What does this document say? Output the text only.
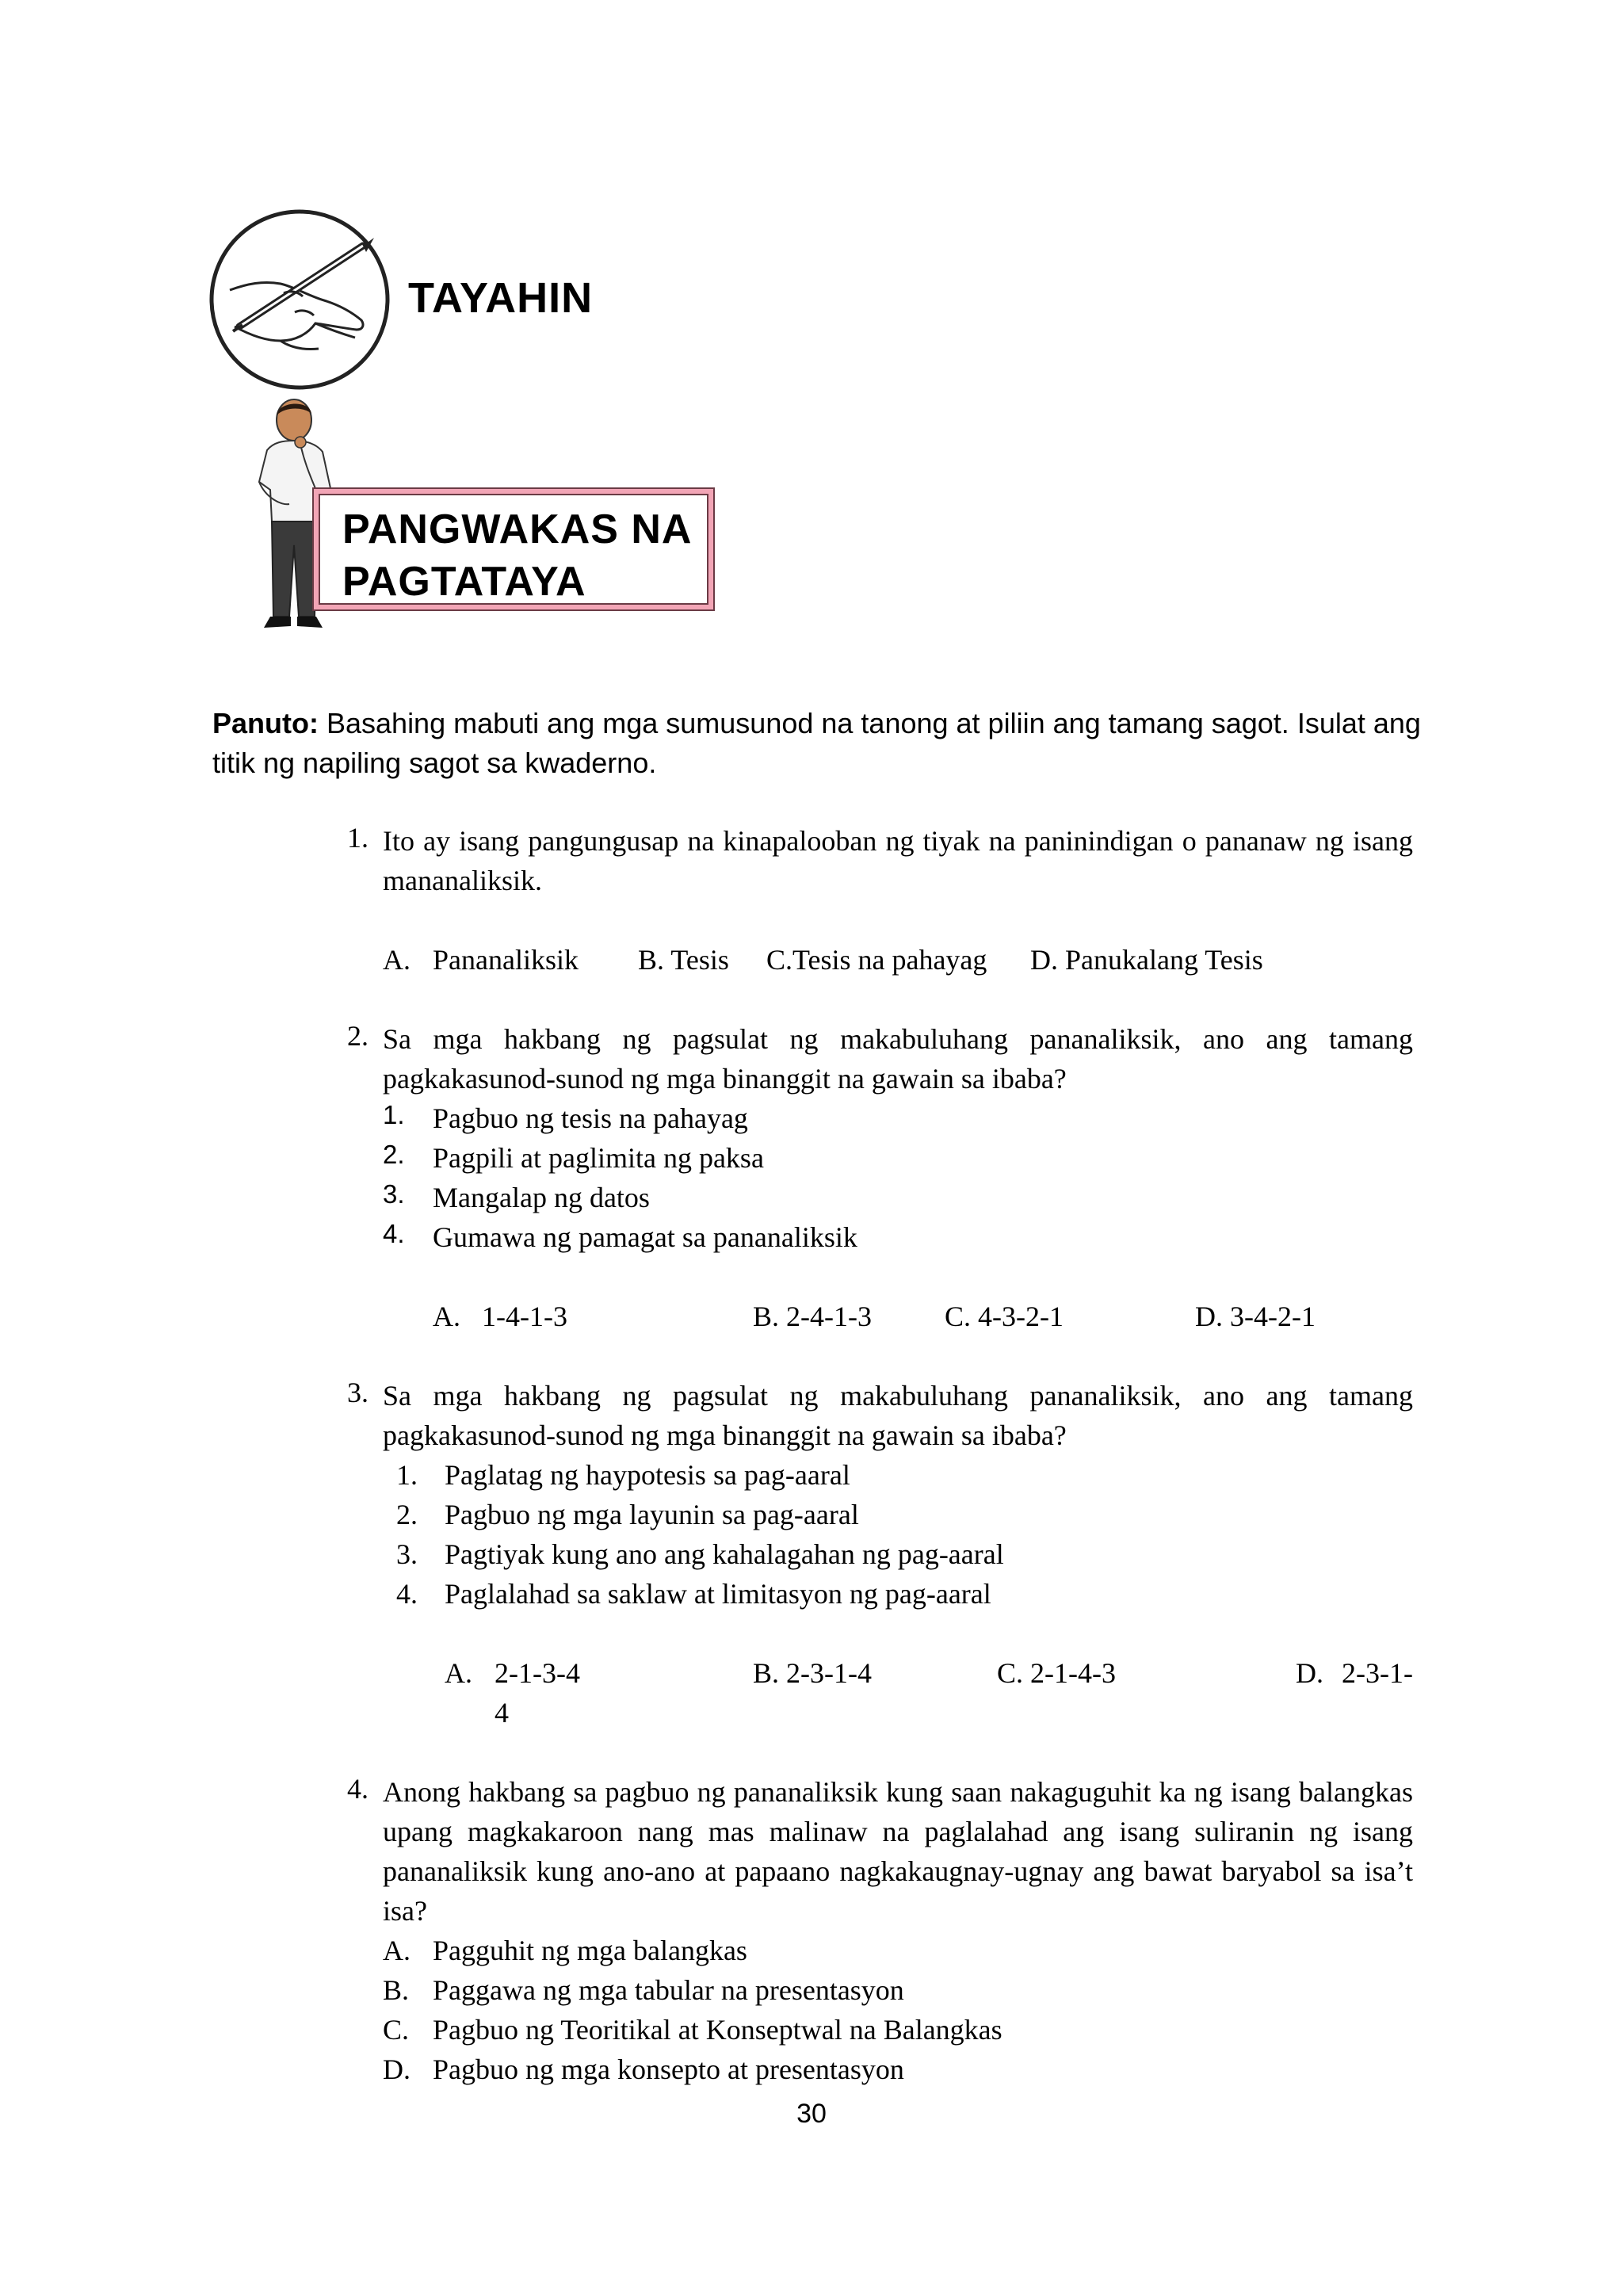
TAYAHIN
PANGWAKAS NA
PAGTATAYA
Panuto: Basahing mabuti ang mga sumusunod na tanong at piliin ang tamang sagot. Isulat ang titik ng napiling sagot sa kwaderno.
1. Ito ay isang pangungusap na kinapalooban ng tiyak na paninindigan o pananaw ng isang mananaliksik.
A. Pananaliksik B. Tesis C.Tesis na pahayag D. Panukalang Tesis
2. Sa mga hakbang ng pagsulat ng makabuluhang pananaliksik, ano ang tamang pagkakasunod-sunod ng mga binanggit na gawain sa ibaba?
1. Pagbuo ng tesis na pahayag
2. Pagpili at paglimita ng paksa
3. Mangalap ng datos
4. Gumawa ng pamagat sa pananaliksik
A. 1-4-1-3	B. 2-4-1-3	C. 4-3-2-1	D. 3-4-2-1
3. Sa mga hakbang ng pagsulat ng makabuluhang pananaliksik, ano ang tamang pagkakasunod-sunod ng mga binanggit na gawain sa ibaba?
1. Paglatag ng haypotesis sa pag-aaral
2. Pagbuo ng mga layunin sa pag-aaral
3. Pagtiyak kung ano ang kahalagahan ng pag-aaral
4. Paglalahad sa saklaw at limitasyon ng pag-aaral
A. 2-1-3-4	B. 2-3-1-4	C. 2-1-4-3	D. 2-3-1-
4
4. Anong hakbang sa pagbuo ng pananaliksik kung saan nakaguguhit ka ng isang balangkas upang magkakaroon nang mas malinaw na paglalahad ang isang suliranin ng isang pananaliksik kung ano-ano at papaano nagkakaugnay-ugnay ang bawat baryabol sa isa’t isa?
A. Pagguhit ng mga balangkas
B. Paggawa ng mga tabular na presentasyon
C. Pagbuo ng Teoritikal at Konseptwal na Balangkas
D. Pagbuo ng mga konsepto at presentasyon
30
